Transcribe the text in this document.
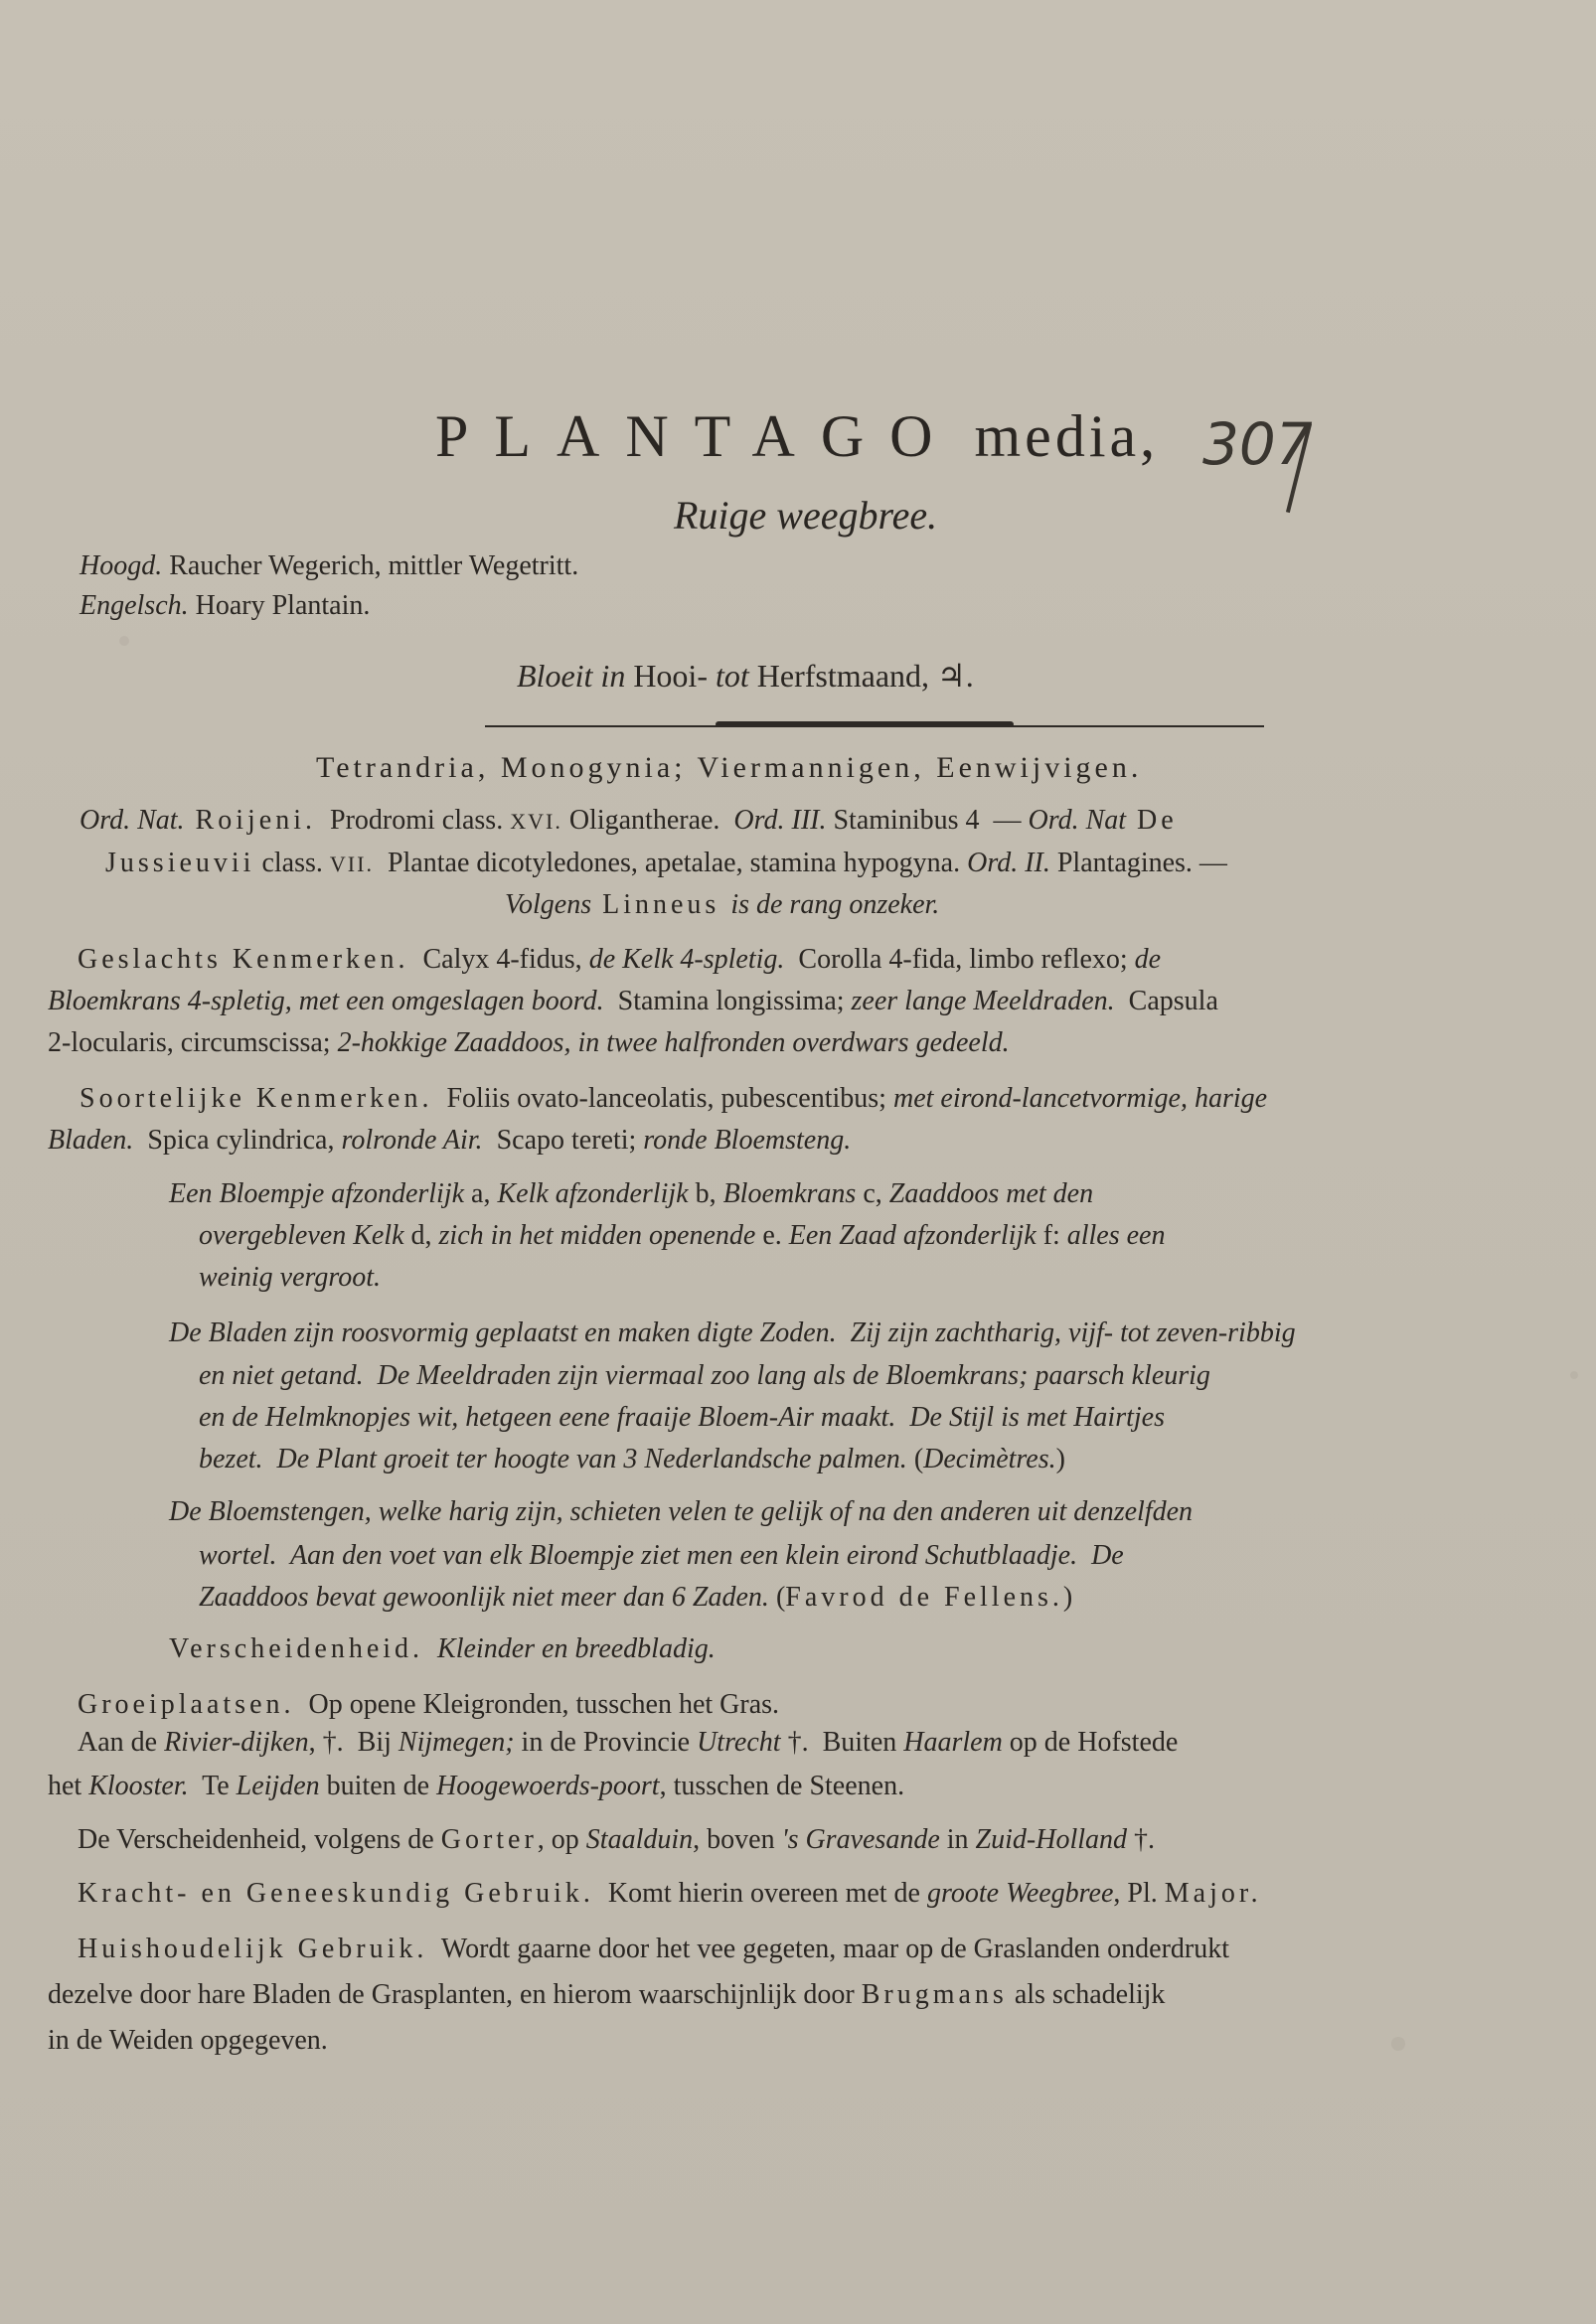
PLANTAGO media, 307
Ruige weegbree.
Hoogd. Raucher Wegerich, mittler Wegetritt.
Engelsch. Hoary Plantain.
Bloeit in Hooi- tot Herfstmaand, ♃.
Tetrandria, Monogynia; Viermannigen, Eenwijvigen.
Ord. Nat. Roijeni.  Prodromi class. XVI. Oligantherae.  Ord. III. Staminibus 4  — Ord. Nat De
Jussieuvii class. VII.  Plantae dicotyledones, apetalae, stamina hypogyna. Ord. II. Plantagines. —
Volgens Linneus is de rang onzeker.
Geslachts Kenmerken.  Calyx 4-fidus, de Kelk 4-spletig.  Corolla 4-fida, limbo reflexo; de
Bloemkrans 4-spletig, met een omgeslagen boord.  Stamina longissima; zeer lange Meeldraden.  Capsula
2-locularis, circumscissa; 2-hokkige Zaaddoos, in twee halfronden overdwars gedeeld.
Soortelijke Kenmerken.  Foliis ovato-lanceolatis, pubescentibus; met eirond-lancetvormige, harige
Bladen.  Spica cylindrica, rolronde Air.  Scapo tereti; ronde Bloemsteng.
Een Bloempje afzonderlijk a, Kelk afzonderlijk b, Bloemkrans c, Zaaddoos met den
overgebleven Kelk d, zich in het midden openende e. Een Zaad afzonderlijk f: alles een
weinig vergroot.
De Bladen zijn roosvormig geplaatst en maken digte Zoden.  Zij zijn zachtharig, vijf- tot zeven-ribbig
en niet getand.  De Meeldraden zijn viermaal zoo lang als de Bloemkrans; paarsch kleurig
en de Helmknopjes wit, hetgeen eene fraaije Bloem-Air maakt.  De Stijl is met Hairtjes
bezet.  De Plant groeit ter hoogte van 3 Nederlandsche palmen. (Decimètres.)
De Bloemstengen, welke harig zijn, schieten velen te gelijk of na den anderen uit denzelfden
wortel.  Aan den voet van elk Bloempje ziet men een klein eirond Schutblaadje.  De
Zaaddoos bevat gewoonlijk niet meer dan 6 Zaden. (Favrod de Fellens.)
Verscheidenheid.  Kleinder en breedbladig.
Groeiplaatsen.  Op opene Kleigronden, tusschen het Gras.
Aan de Rivier-dijken, †.  Bij Nijmegen; in de Provincie Utrecht †.  Buiten Haarlem op de Hofstede
het Klooster.  Te Leijden buiten de Hoogewoerds-poort, tusschen de Steenen.
De Verscheidenheid, volgens de Gorter, op Staalduin, boven 's Gravesande in Zuid-Holland †.
Kracht- en Geneeskundig Gebruik.  Komt hierin overeen met de groote Weegbree, Pl. Major.
Huishoudelijk Gebruik.  Wordt gaarne door het vee gegeten, maar op de Graslanden onderdrukt
dezelve door hare Bladen de Grasplanten, en hierom waarschijnlijk door Brugmans als schadelijk
in de Weiden opgegeven.
